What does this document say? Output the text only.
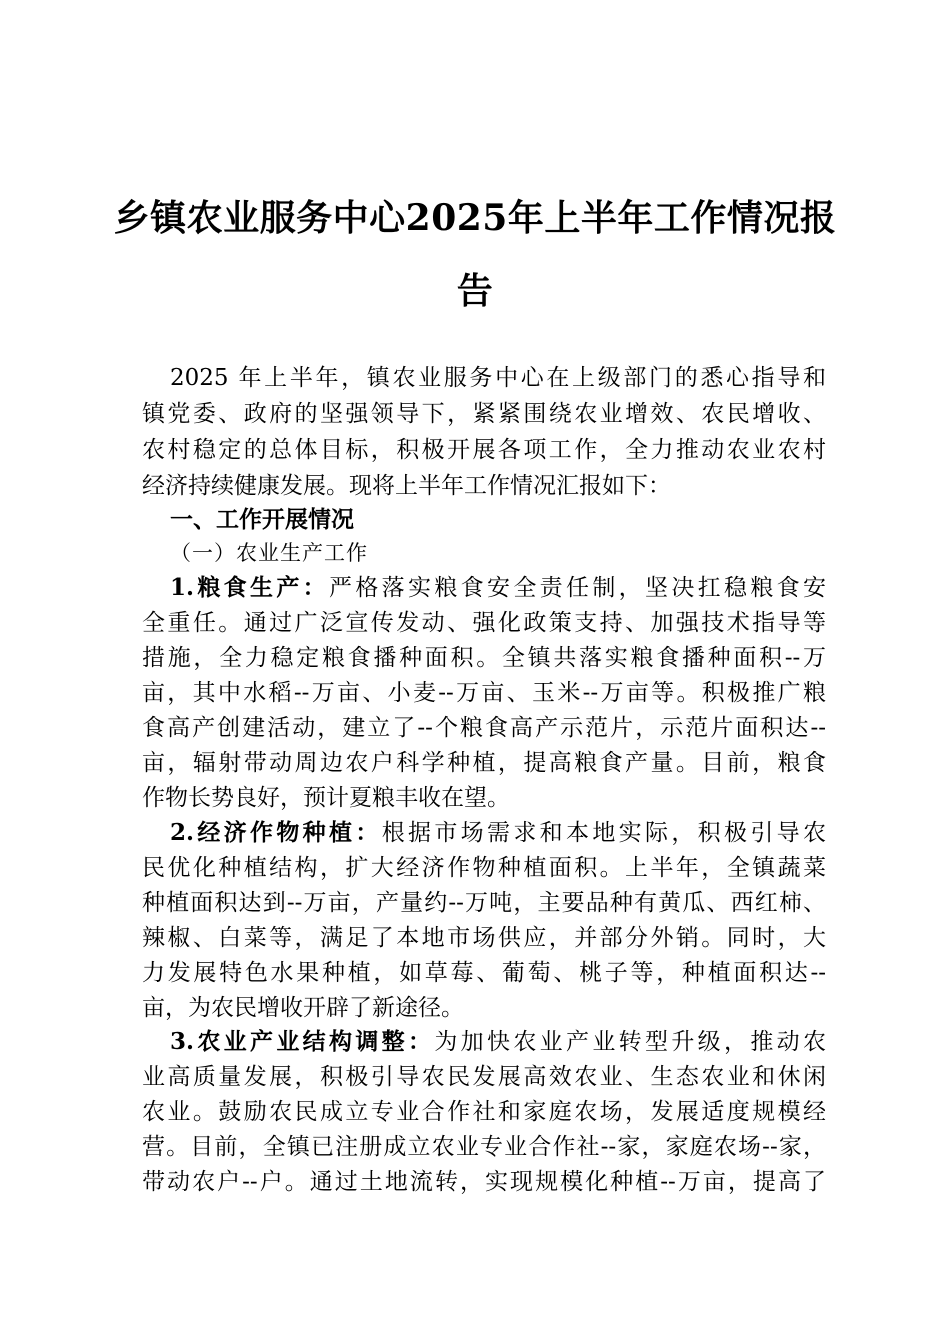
乡镇农业服务中心2025年上半年工作情况报
告
2025 年上半年，镇农业服务中心在上级部门的悉心指导和
镇党委、政府的坚强领导下，紧紧围绕农业增效、农民增收、
农村稳定的总体目标，积极开展各项工作，全力推动农业农村
经济持续健康发展。现将上半年工作情况汇报如下：
一、工作开展情况
（一）农业生产工作
1.粮食生产：严格落实粮食安全责任制，坚决扛稳粮食安
全重任。通过广泛宣传发动、强化政策支持、加强技术指导等
措施，全力稳定粮食播种面积。全镇共落实粮食播种面积--万
亩，其中水稻--万亩、小麦--万亩、玉米--万亩等。积极推广粮
食高产创建活动，建立了--个粮食高产示范片，示范片面积达--
亩，辐射带动周边农户科学种植，提高粮食产量。目前，粮食
作物长势良好，预计夏粮丰收在望。
2.经济作物种植：根据市场需求和本地实际，积极引导农
民优化种植结构，扩大经济作物种植面积。上半年，全镇蔬菜
种植面积达到--万亩，产量约--万吨，主要品种有黄瓜、西红柿、
辣椒、白菜等，满足了本地市场供应，并部分外销。同时，大
力发展特色水果种植，如草莓、葡萄、桃子等，种植面积达--
亩，为农民增收开辟了新途径。
3.农业产业结构调整：为加快农业产业转型升级，推动农
业高质量发展，积极引导农民发展高效农业、生态农业和休闲
农业。鼓励农民成立专业合作社和家庭农场，发展适度规模经
营。目前，全镇已注册成立农业专业合作社--家，家庭农场--家，
带动农户--户。通过土地流转，实现规模化种植--万亩，提高了
